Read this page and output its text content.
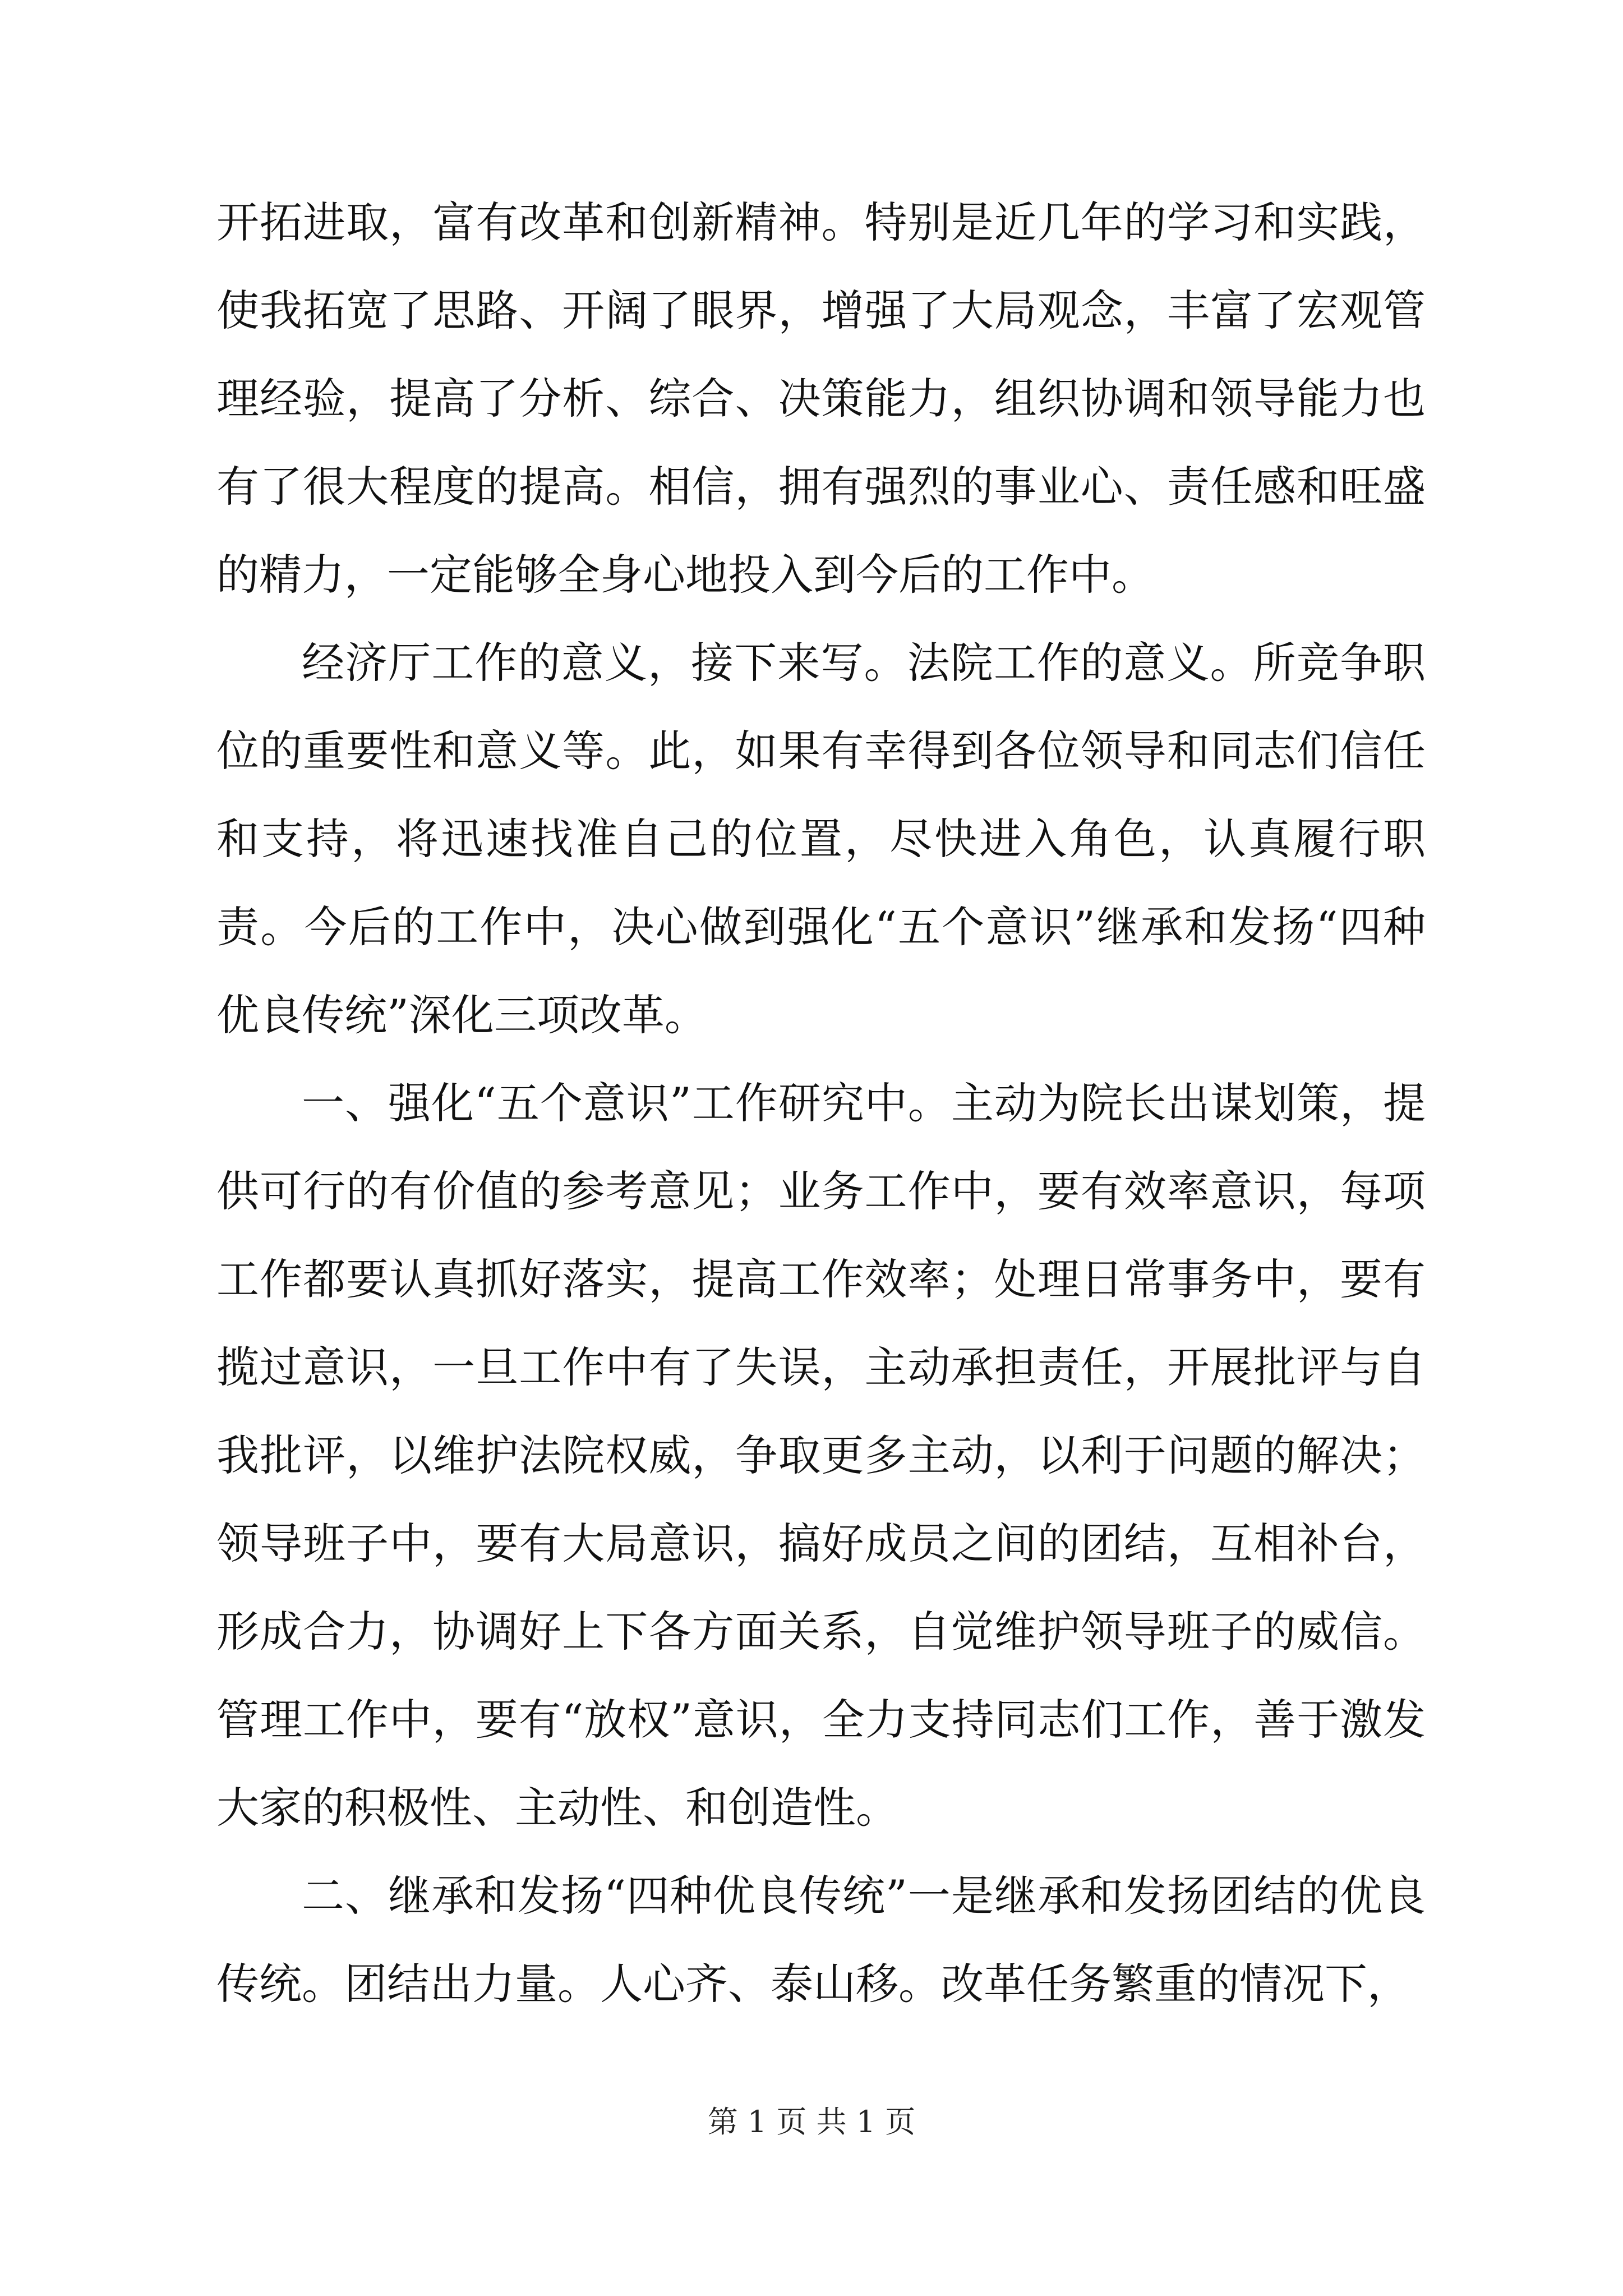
开拓进取，富有改革和创新精神。特别是近几年的学习和实践，使我拓宽了思路、开阔了眼界，增强了大局观念，丰富了宏观管理经验，提高了分析、综合、决策能力，组织协调和领导能力也有了很大程度的提高。相信，拥有强烈的事业心、责任感和旺盛的精力，一定能够全身心地投入到今后的工作中。

经济厅工作的意义，接下来写。法院工作的意义。所竞争职位的重要性和意义等。此，如果有幸得到各位领导和同志们信任和支持，将迅速找准自己的位置，尽快进入角色，认真履行职责。今后的工作中，决心做到强化“五个意识”继承和发扬“四种优良传统”深化三项改革。

一、强化“五个意识”工作研究中。主动为院长出谋划策，提供可行的有价值的参考意见；业务工作中，要有效率意识，每项工作都要认真抓好落实，提高工作效率；处理日常事务中，要有揽过意识，一旦工作中有了失误，主动承担责任，开展批评与自我批评，以维护法院权威，争取更多主动，以利于问题的解决；领导班子中，要有大局意识，搞好成员之间的团结，互相补台，形成合力，协调好上下各方面关系，自觉维护领导班子的威信。管理工作中，要有“放权”意识，全力支持同志们工作，善于激发大家的积极性、主动性、和创造性。

二、继承和发扬“四种优良传统”一是继承和发扬团结的优良传统。团结出力量。人心齐、泰山移。改革任务繁重的情况下，

第 1 页 共 1 页
